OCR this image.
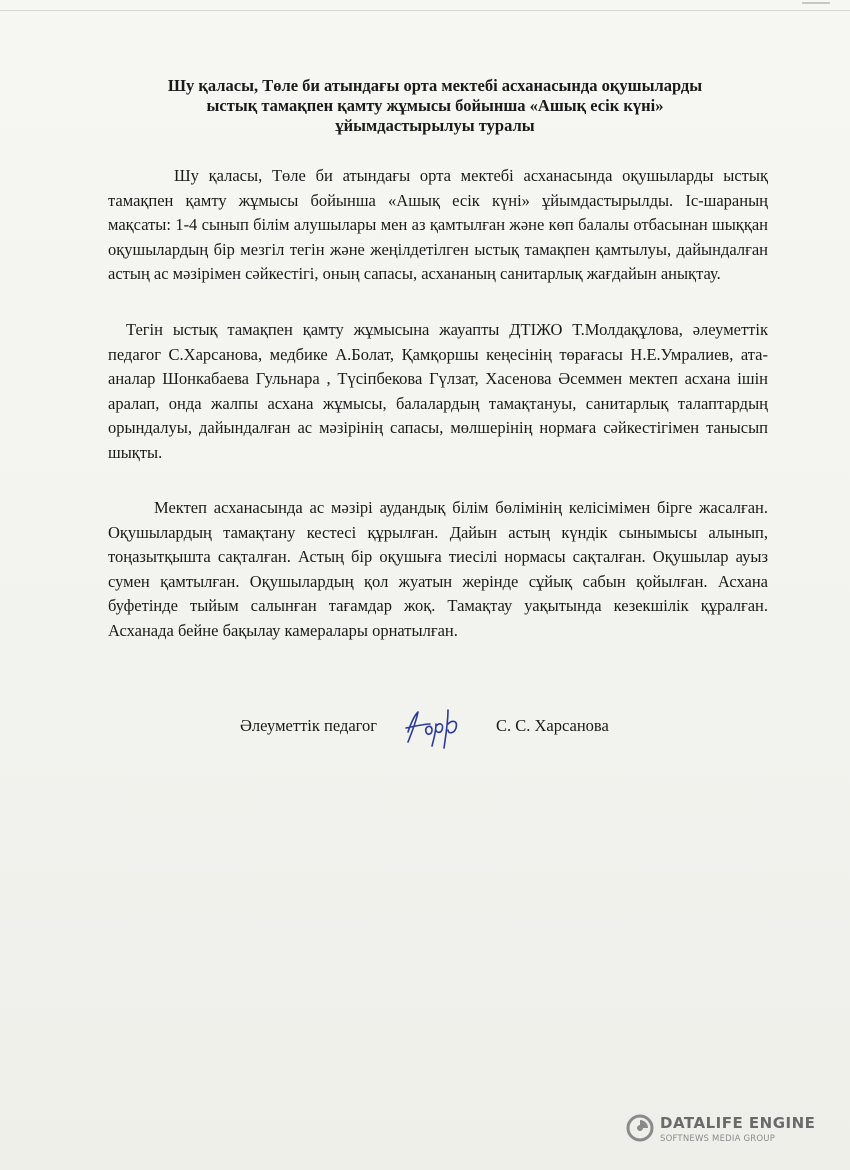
Шу қаласы, Төле би атындағы орта мектебі асханасында оқушыларды
ыстық тамақпен қамту жұмысы бойынша «Ашық есік күні»
ұйымдастырылуы туралы

Шу қаласы, Төле би атындағы орта мектебі асханасында оқушыларды ыстық тамақпен қамту жұмысы бойынша «Ашық есік күні» ұйымдастырылды. Іс-шараның мақсаты: 1-4 сынып білім алушылары мен аз қамтылған және көп балалы отбасынан шыққан оқушылардың бір мезгіл тегін және жеңілдетілген ыстық тамақпен қамтылуы, дайындалған астың ас мәзірімен сәйкестігі, оның сапасы, асхананың санитарлық жағдайын анықтау.

Тегін ыстық тамақпен қамту жұмысына жауапты ДТІЖО Т.Молдақұлова, әлеуметтік педагог С.Харсанова, медбике А.Болат, Қамқоршы кеңесінің төрағасы Н.Е.Умралиев, ата-аналар Шонкабаева Гульнара , Түсіпбекова Гүлзат, Хасенова Әсеммен мектеп асхана ішін аралап, онда жалпы асхана жұмысы, балалардың тамақтануы, санитарлық талаптардың орындалуы, дайындалған ас мәзірінің сапасы, мөлшерінің нормаға сәйкестігімен танысып шықты.

Мектеп асханасында ас мәзірі аудандық білім бөлімінің келісімімен бірге жасалған. Оқушылардың тамақтану кестесі құрылған. Дайын астың күндік сынымысы алынып, тоңазытқышта сақталған. Астың бір оқушыға тиесілі нормасы сақталған. Оқушылар ауыз сумен қамтылған. Оқушылардың қол жуатын жерінде сұйық сабын қойылған. Асхана буфетінде тыйым салынған тағамдар жоқ. Тамақтау уақытында кезекшілік құралған. Асханада бейне бақылау камералары орнатылған.

Әлеуметтік педагог	С. С. Харсанова
DATALIFE ENGINE
SOFTNEWS MEDIA GROUP
